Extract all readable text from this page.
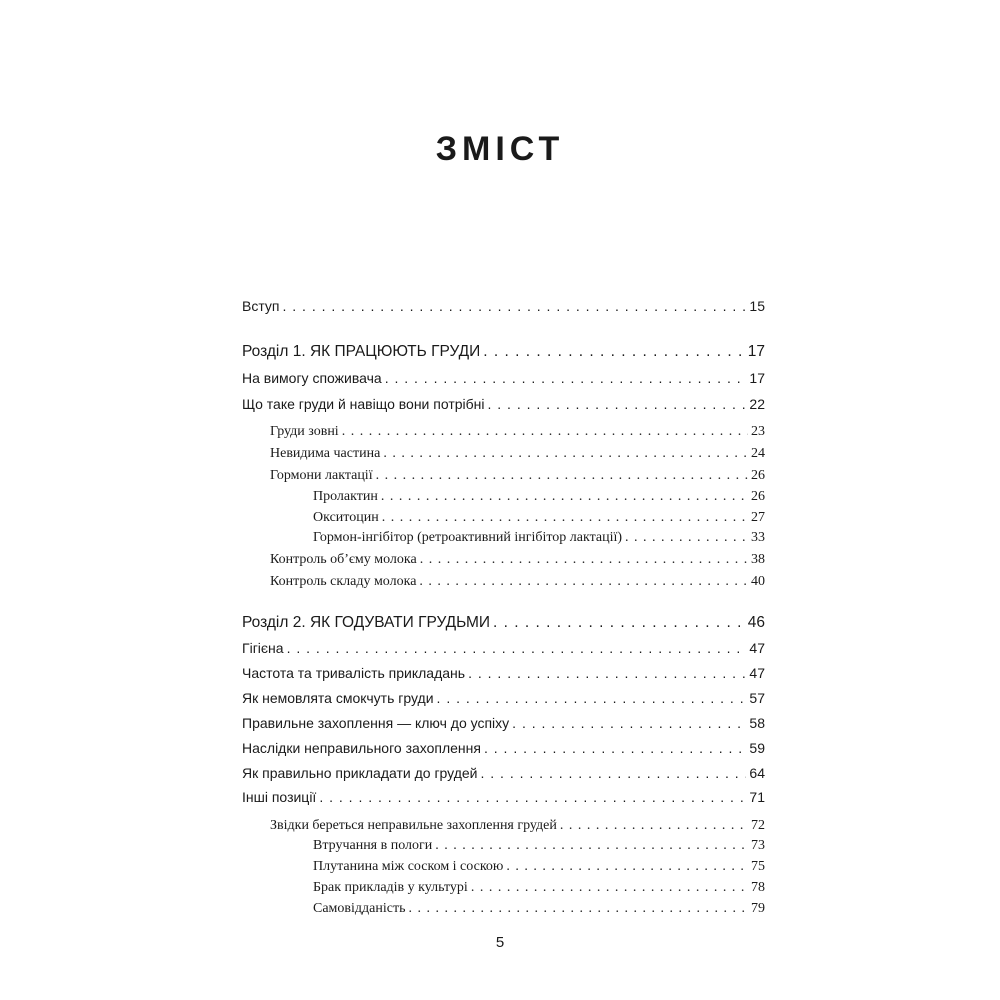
ЗМІСТ
Вступ . . .	15
Розділ 1. ЯК ПРАЦЮЮТЬ ГРУДИ . . .	17
На вимогу споживача . . .	17
Що таке груди й навіщо вони потрібні . . .	22
Груди зовні . . .	23
Невидима частина . . .	24
Гормони лактації . . .	26
Пролактин . . .	26
Окситоцин . . .	27
Гормон-інгібітор (ретроактивний інгібітор лактації) . . .	33
Контроль об’єму молока . . .	38
Контроль складу молока . . .	40
Розділ 2. ЯК ГОДУВАТИ ГРУДЬМИ . . .	46
Гігієна . . .	47
Частота та тривалість прикладань . . .	47
Як немовлята смокчуть груди . . .	57
Правильне захоплення — ключ до успіху . . .	58
Наслідки неправильного захоплення . . .	59
Як правильно прикладати до грудей . . .	64
Інші позиції . . .	71
Звідки береться неправильне захоплення грудей . . .	72
Втручання в пологи . . .	73
Плутанина між соском і соскою . . .	75
Брак прикладів у культурі . . .	78
Самовідданість . . .	79
5
